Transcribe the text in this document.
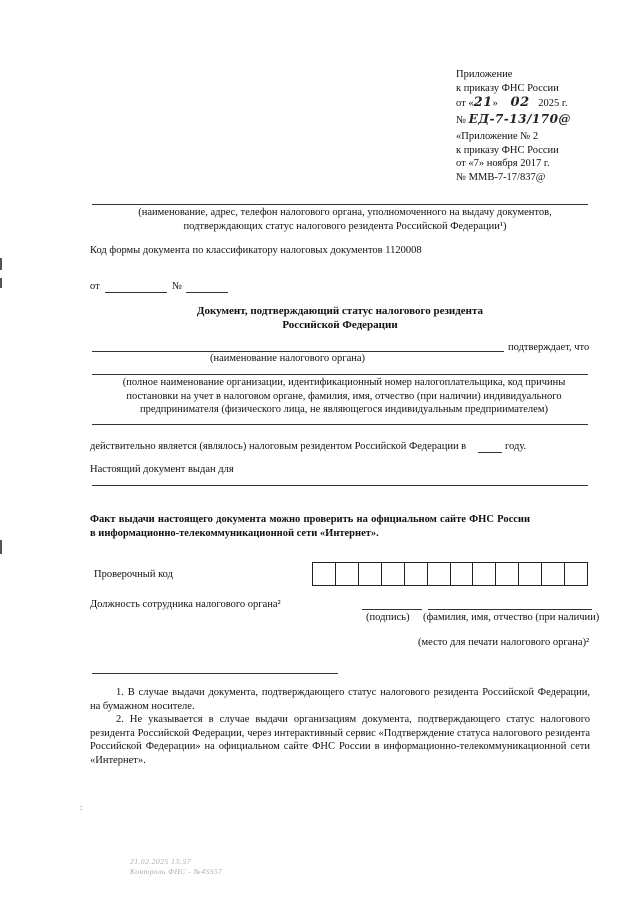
Приложение
к приказу ФНС России
от «21» 02 2025 г.
№ ЕД-7-13/170@
«Приложение № 2
к приказу ФНС России
от «7» ноября 2017 г.
№ ММВ-7-17/837@
(наименование, адрес, телефон налогового органа, уполномоченного на выдачу документов, подтверждающих статус налогового резидента Российской Федерации¹)
Код формы документа по классификатору налоговых документов 1120008
от	№
Документ, подтверждающий статус налогового резидента
Российской Федерации
подтверждает, что
(наименование налогового органа)
(полное наименование организации, идентификационный номер налогоплательщика, код причины постановки на учет в налоговом органе, фамилия, имя, отчество (при наличии) индивидуального предпринимателя (физического лица, не являющегося индивидуальным предприимателем)
действительно является (являлось) налоговым резидентом Российской Федерации в	году.
Настоящий документ выдан для
Факт выдачи настоящего документа можно проверить на официальном сайте ФНС России в информационно-телекоммуникационной сети «Интернет».
Проверочный код
Должность сотрудника налогового органа²
(подпись) (фамилия, имя, отчество (при наличии)
(место для печати налогового органа)²
1. В случае выдачи документа, подтверждающего статус налогового резидента Российской Федерации, на бумажном носителе.
2. Не указывается в случае выдачи организациям документа, подтверждающего статус налогового резидента Российской Федерации, через интерактивный сервис «Подтверждение статуса налогового резидента Российской Федерации» на официальном сайте ФНС России в информационно-телекоммуникационной сети «Интернет».
:
21.02.2025 13:57
Контроль ФНС - №4SS57
